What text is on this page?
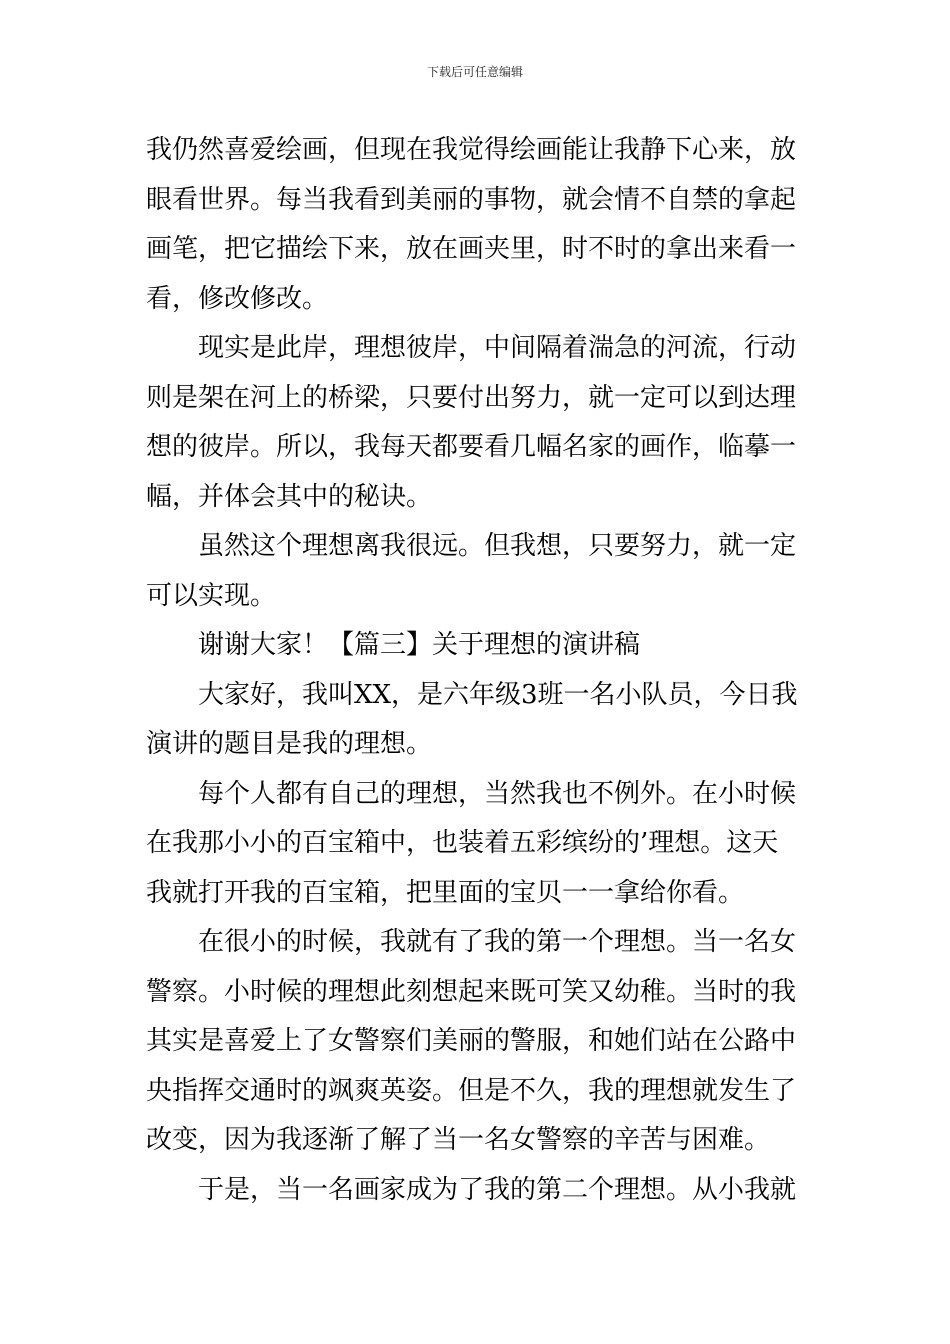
下载后可任意编辑
我仍然喜爱绘画，但现在我觉得绘画能让我静下心来，放
眼看世界。每当我看到美丽的事物，就会情不自禁的拿起
画笔，把它描绘下来，放在画夹里，时不时的拿出来看一
看，修改修改。
现实是此岸，理想彼岸，中间隔着湍急的河流，行动
则是架在河上的桥梁，只要付出努力，就一定可以到达理
想的彼岸。所以，我每天都要看几幅名家的画作，临摹一
幅，并体会其中的秘诀。
虽然这个理想离我很远。但我想，只要努力，就一定
可以实现。
谢谢大家！【篇三】关于理想的演讲稿
大家好，我叫XX，是六年级3班一名小队员，今日我
演讲的题目是我的理想。
每个人都有自己的理想，当然我也不例外。在小时候
在我那小小的百宝箱中，也装着五彩缤纷的’理想。这天
我就打开我的百宝箱，把里面的宝贝一一拿给你看。
在很小的时候，我就有了我的第一个理想。当一名女
警察。小时候的理想此刻想起来既可笑又幼稚。当时的我
其实是喜爱上了女警察们美丽的警服，和她们站在公路中
央指挥交通时的飒爽英姿。但是不久，我的理想就发生了
改变，因为我逐渐了解了当一名女警察的辛苦与困难。
于是，当一名画家成为了我的第二个理想。从小我就
